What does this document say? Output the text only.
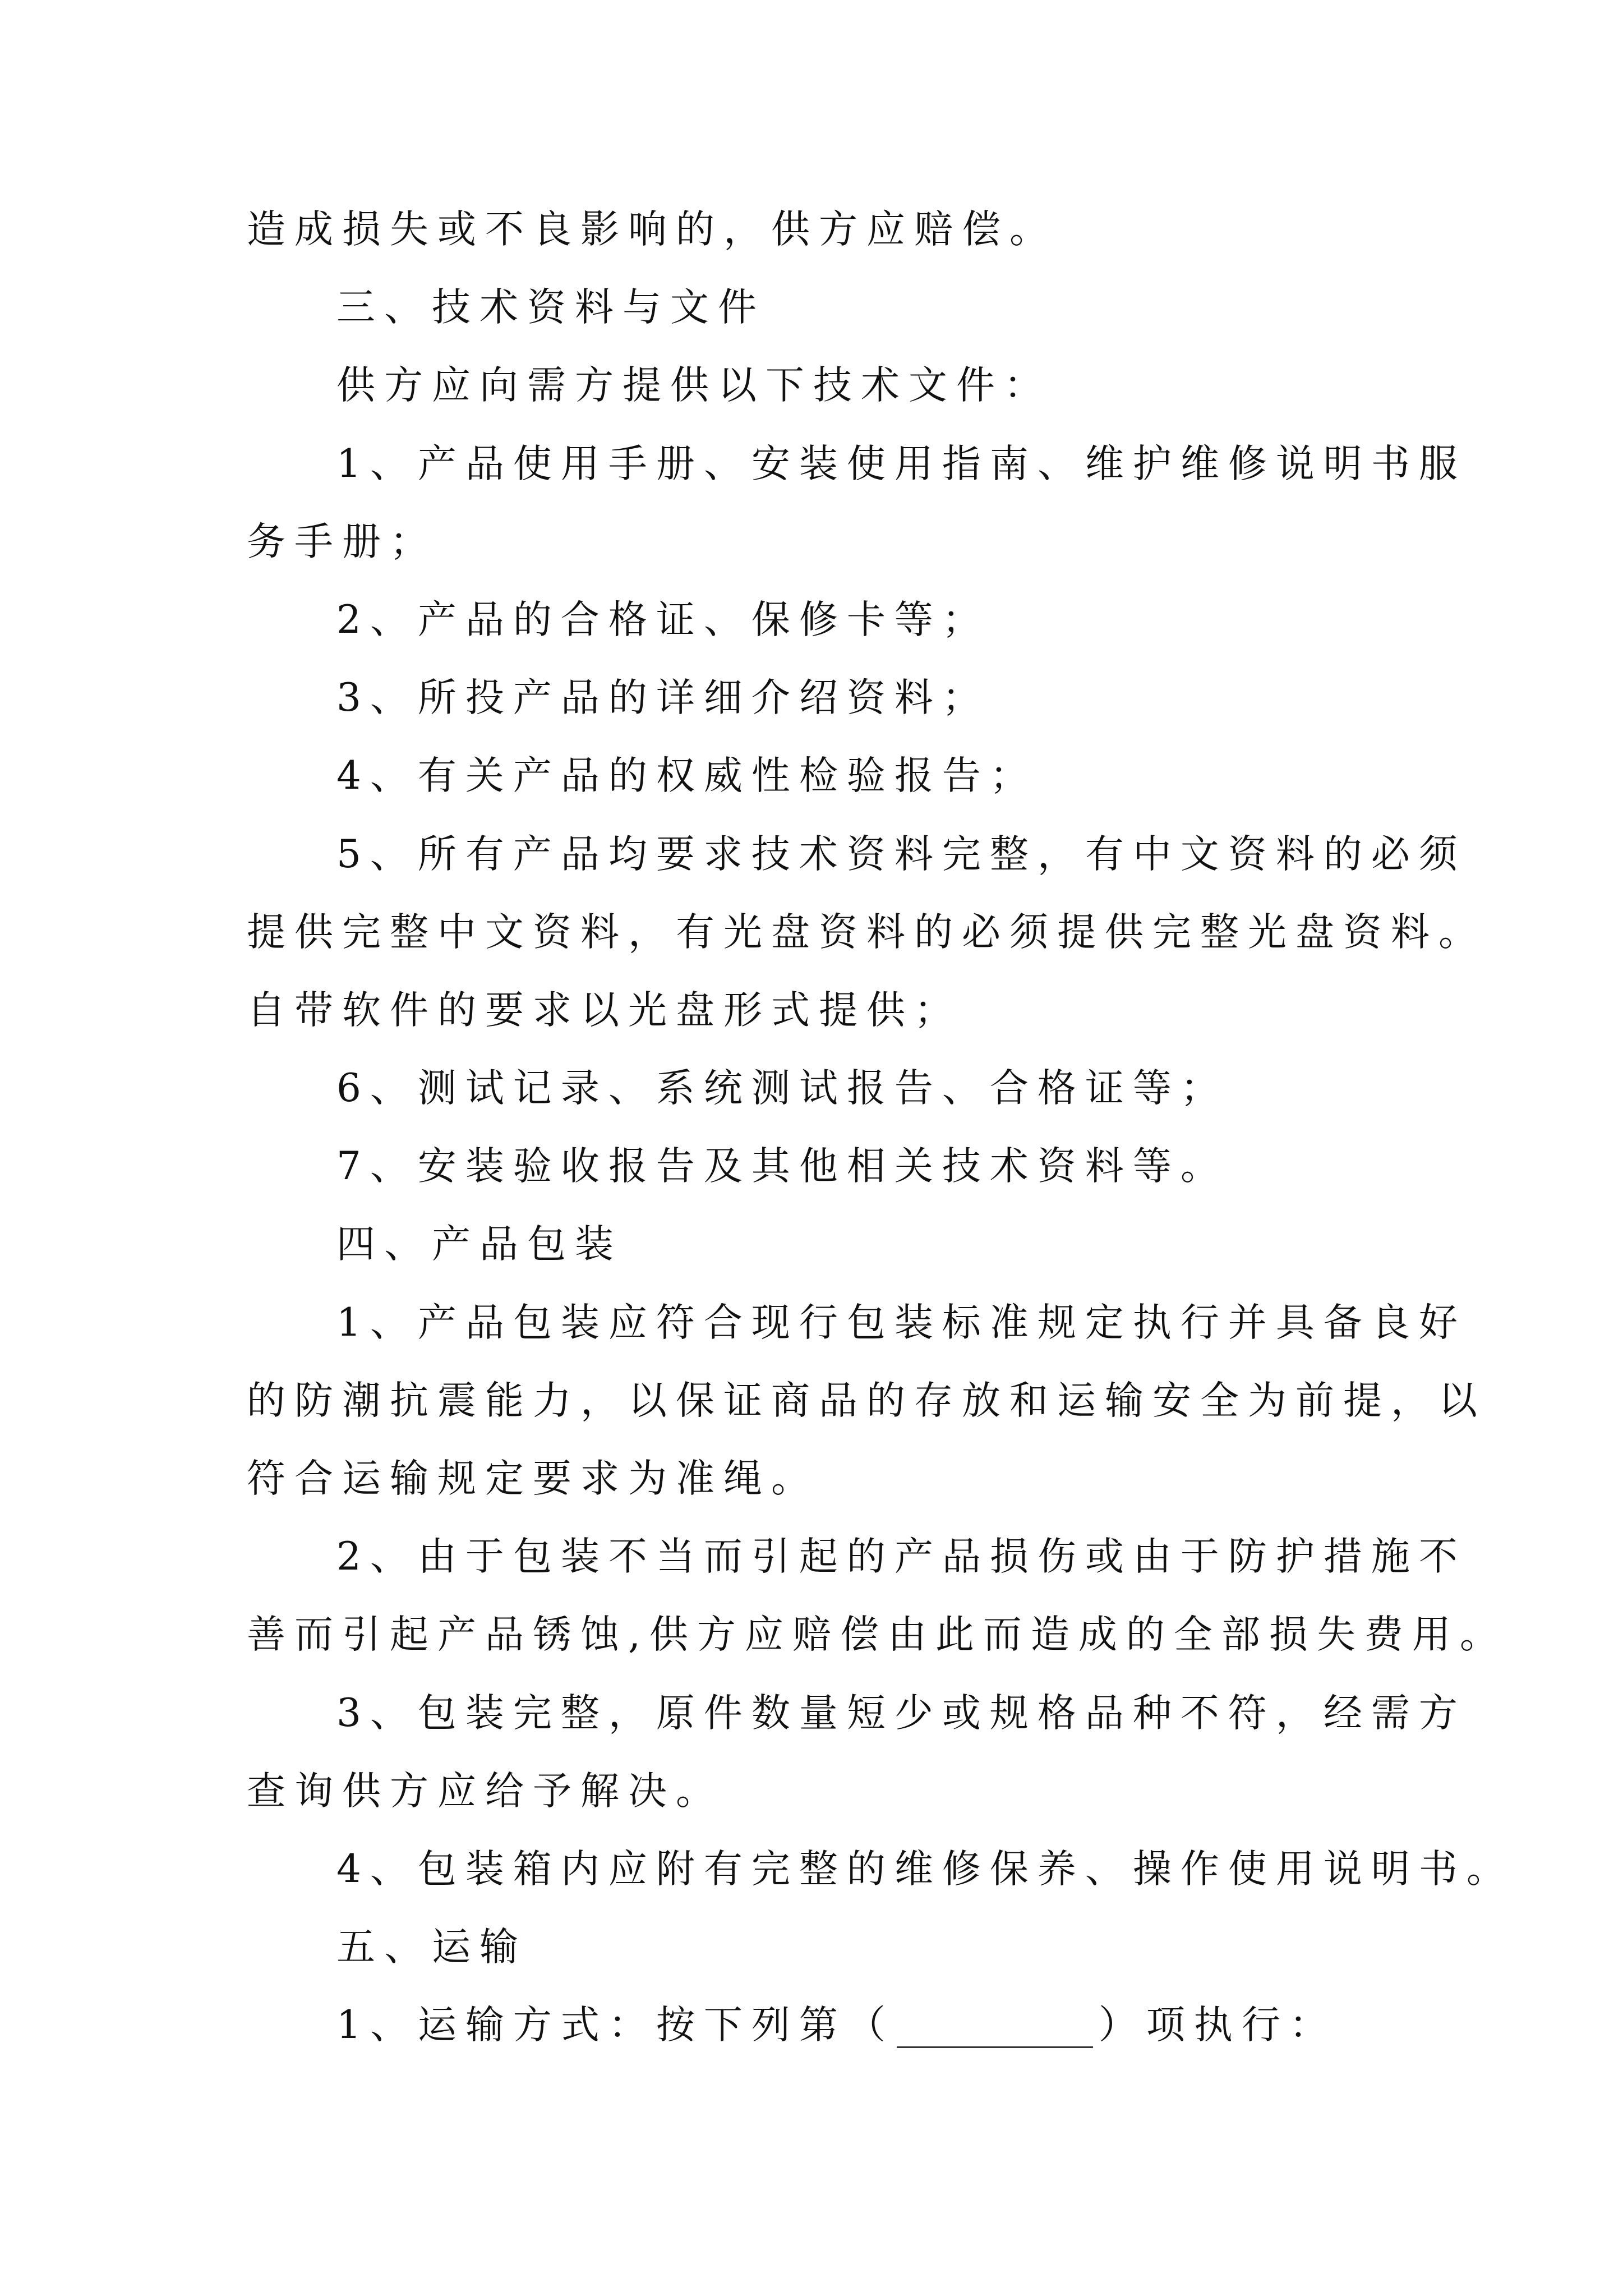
造成损失或不良影响的，供方应赔偿。
三、技术资料与文件
供方应向需方提供以下技术文件：
1、产品使用手册、安装使用指南、维护维修说明书服
务手册；
2、产品的合格证、保修卡等；
3、所投产品的详细介绍资料；
4、有关产品的权威性检验报告；
5、所有产品均要求技术资料完整，有中文资料的必须
提供完整中文资料，有光盘资料的必须提供完整光盘资料。
自带软件的要求以光盘形式提供；
6、测试记录、系统测试报告、合格证等；
7、安装验收报告及其他相关技术资料等。
四、产品包装
1、产品包装应符合现行包装标准规定执行并具备良好
的防潮抗震能力，以保证商品的存放和运输安全为前提，以
符合运输规定要求为准绳。
2、由于包装不当而引起的产品损伤或由于防护措施不
善而引起产品锈蚀,供方应赔偿由此而造成的全部损失费用。
3、包装完整，原件数量短少或规格品种不符，经需方
查询供方应给予解决。
4、包装箱内应附有完整的维修保养、操作使用说明书。
五、运输
1、运输方式：按下列第（	）项执行：
